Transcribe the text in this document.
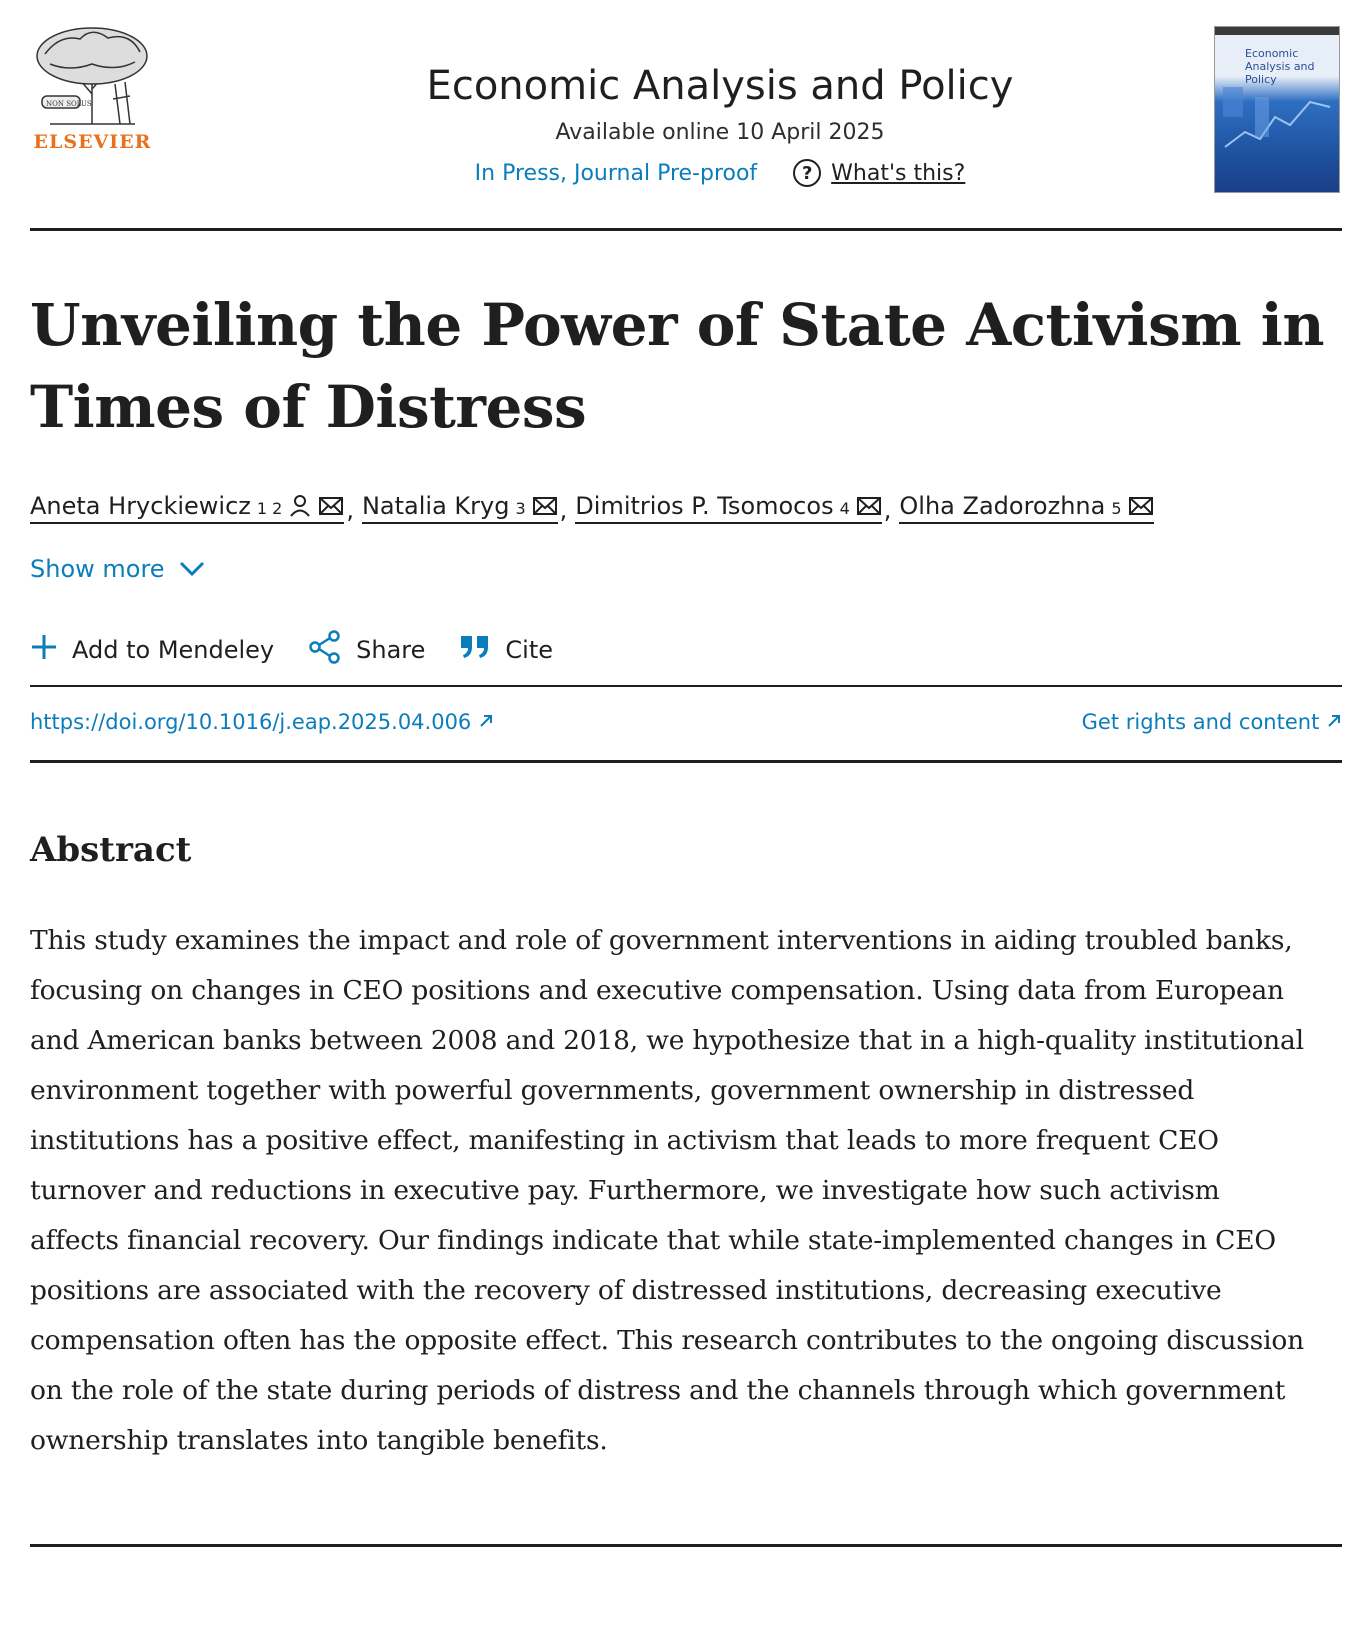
NON SOLUS
ELSEVIER
Economic Analysis and Policy
Available online 10 April 2025
In Press, Journal Pre-proof	? What's this?
Economic Analysis and Policy
Unveiling the Power of State Activism in Times of Distress
Aneta Hryckiewicz 1 2	, Natalia Kryg 3 , Dimitrios P. Tsomocos 4 , Olha Zadorozhna 5
Show more
Add to Mendeley	Share	Cite
https://doi.org/10.1016/j.eap.2025.04.006	Get rights and content
Abstract

This study examines the impact and role of government interventions in aiding troubled banks, focusing on changes in CEO positions and executive compensation. Using data from European and American banks between 2008 and 2018, we hypothesize that in a high-quality institutional environment together with powerful governments, government ownership in distressed institutions has a positive effect, manifesting in activism that leads to more frequent CEO turnover and reductions in executive pay. Furthermore, we investigate how such activism affects financial recovery. Our findings indicate that while state-implemented changes in CEO positions are associated with the recovery of distressed institutions, decreasing executive compensation often has the opposite effect. This research contributes to the ongoing discussion on the role of the state during periods of distress and the channels through which government ownership translates into tangible benefits.
